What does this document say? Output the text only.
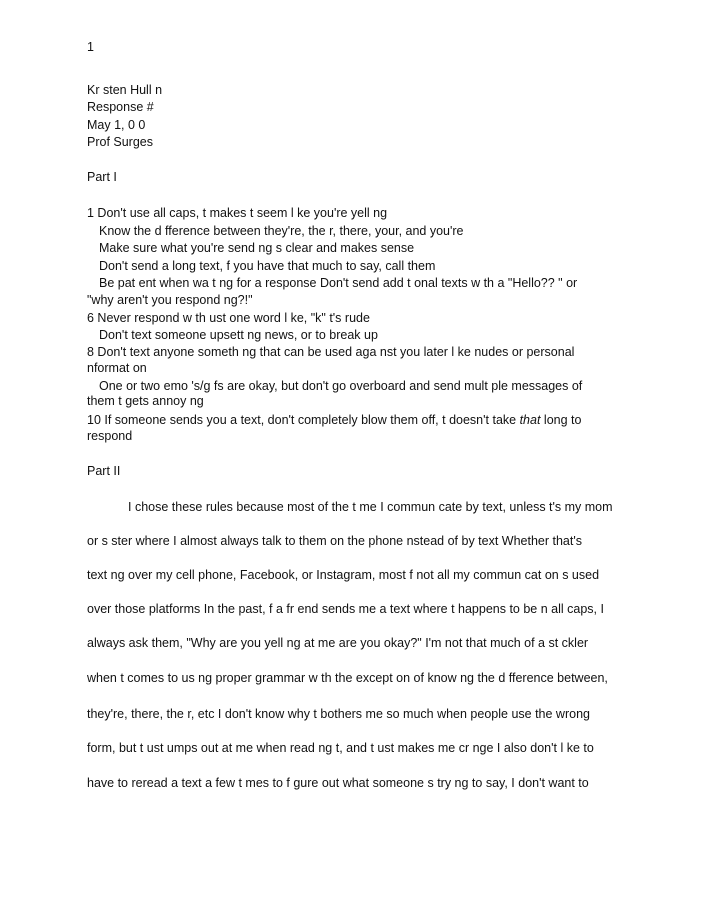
1
Kr sten Hull n
Response #
May 1, 0 0
Prof Surges
Part I
1 Don't use all caps, t makes t seem l ke you're yell ng
Know the d fference between they're, the r, there, your, and you're
Make sure what you're send ng s clear and makes sense
Don't send a long text, f you have that much to say, call them
Be pat ent when wa t ng for a response Don't send add t onal texts w th a "Hello?? " or
"why aren't you respond ng?!"
6 Never respond w th ust one word l ke, "k" t's rude
Don't text someone upsett ng news, or to break up
8 Don't text anyone someth ng that can be used aga nst you later l ke nudes or personal
nformat on
One or two emo 's/g fs are okay, but don't go overboard and send mult ple messages of
them t gets annoy ng
10 If someone sends you a text, don't completely blow them off, t doesn't take that long to
respond
Part II
I chose these rules because most of the t me I commun cate by text, unless t's my mom
or s ster where I almost always talk to them on the phone nstead of by text Whether that's
text ng over my cell phone, Facebook, or Instagram, most f not all my commun cat on s used
over those platforms In the past, f a fr end sends me a text where t happens to be n all caps, I
always ask them, "Why are you yell ng at me are you okay?" I'm not that much of a st ckler
when t comes to us ng proper grammar w th the except on of know ng the d fference between,
they're, there, the r, etc I don't know why t bothers me so much when people use the wrong
form, but t ust umps out at me when read ng t, and t ust makes me cr nge I also don't l ke to
have to reread a text a few t mes to f gure out what someone s try ng to say, I don't want to
